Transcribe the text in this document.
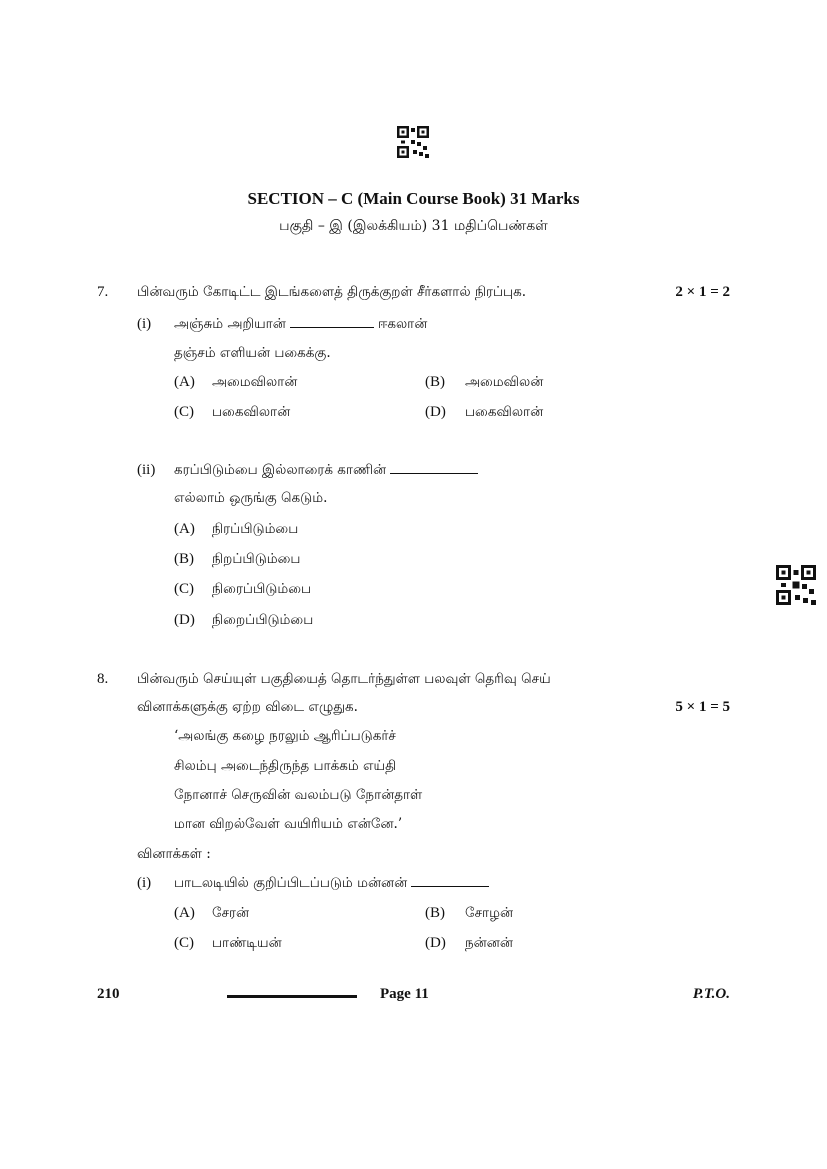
SECTION – C (Main Course Book) 31 Marks
பகுதி – இ (இலக்கியம்) 31 மதிப்பெண்கள்
7. பின்வரும் கோடிட்ட இடங்களைத் திருக்குறள் சீர்களால் நிரப்புக.	2 × 1 = 2
(i) அஞ்சும் அறியான்	ஈகலான்
தஞ்சம் எளியன் பகைக்கு.
(A) அமைவிலான்	(B) அமைவிலன்
(C) பகைவிலான்	(D) பகைவிலான்
(ii) கரப்பிடும்பை இல்லாரைக் காணின்
எல்லாம் ஒருங்கு கெடும்.
(A) நிரப்பிடும்பை
(B) நிறப்பிடும்பை
(C) நிரைப்பிடும்பை
(D) நிறைப்பிடும்பை
8. பின்வரும் செய்யுள் பகுதியைத் தொடர்ந்துள்ள பலவுள் தெரிவு செய்
வினாக்களுக்கு ஏற்ற விடை எழுதுக.	5 × 1 = 5
‘அலங்கு கழை நரலும் ஆரிப்படுகர்ச்
சிலம்பு அடைந்திருந்த பாக்கம் எய்தி
நோனாச் செருவின் வலம்படு நோன்தாள்
மான விறல்வேள் வயிரியம் என்னே.’
வினாக்கள் :
(i) பாடலடியில் குறிப்பிடப்படும் மன்னன்
(A) சேரன்	(B) சோழன்
(C) பாண்டியன்	(D) நன்னன்
210	Page 11	P.T.O.
